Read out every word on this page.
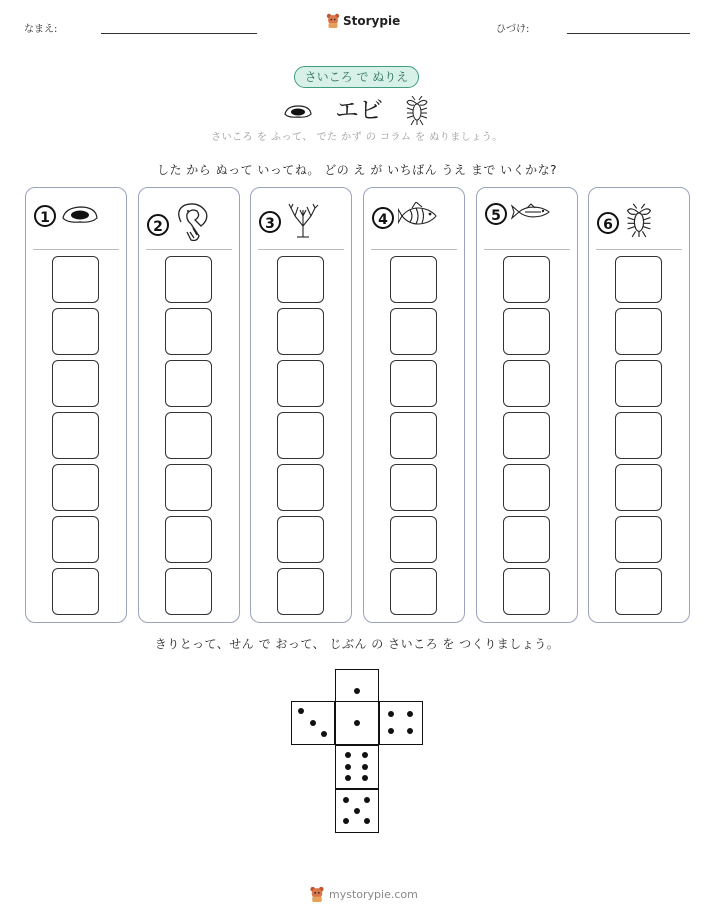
なまえ:
Storypie
ひづけ:
さいころ で ぬりえ
エビ
さいころ を ふって、 でた かず の コラム を ぬりましょう。
した から ぬって いってね。 どの え が いちばん うえ まで いくかな?
1
2	3	4	5
6
きりとって、せん で おって、 じぶん の さいころ を つくりましょう。
mystorypie.com
